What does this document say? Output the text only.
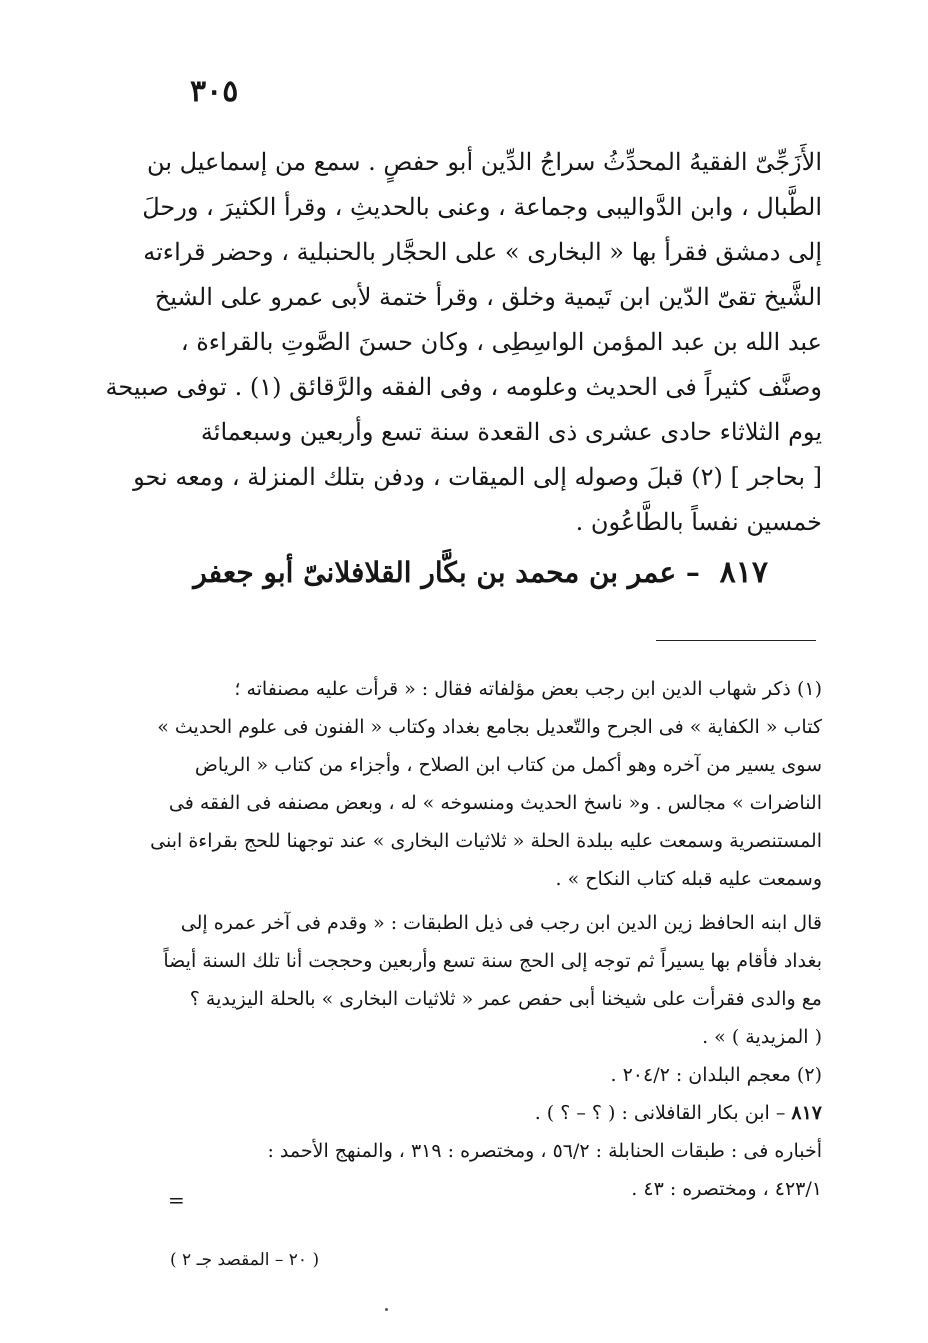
٣٠٥
الأَزَجِّىّ الفقيهُ المحدِّثُ سراجُ الدِّين أبو حفصٍ . سمع من إسماعيل بن
الطَّبال ، وابن الدَّواليبى وجماعة ، وعنى بالحديثِ ، وقرأ الكثيرَ ، ورحلَ
إلى دمشق فقرأ بها « البخارى » على الحجَّار بالحنبلية ، وحضر قراءته
الشَّيخ تقىّ الدّين ابن تَيمية وخلق ، وقرأ ختمة لأبى عمرو على الشيخ
عبد الله بن عبد المؤمن الواسِطِى ، وكان حسنَ الصَّوتِ بالقراءة ،
وصنَّف كثيراً فى الحديث وعلومه ، وفى الفقه والرَّقائق (١) . توفى صبيحة
يوم الثلاثاء حادى عشرى ذى القعدة سنة تسع وأربعين وسبعمائة
[ بحاجر ] (٢) قبلَ وصوله إلى الميقات ، ودفن بتلك المنزلة ، ومعه نحو
خمسين نفساً بالطَّاعُون .
٨١٧ – عمر بن محمد بن بكَّار القلافلانىّ أبو جعفر
(١) ذكر شهاب الدين ابن رجب بعض مؤلفاته فقال : « قرأت عليه مصنفاته ؛
كتاب « الكفاية » فى الجرح والتّعديل بجامع بغداد وكتاب « الفنون فى علوم الحديث »
سوى يسير من آخره وهو أكمل من كتاب ابن الصلاح ، وأجزاء من كتاب « الرياض
الناضرات » مجالس . و« ناسخ الحديث ومنسوخه » له ، وبعض مصنفه فى الفقه فى
المستنصرية وسمعت عليه ببلدة الحلة « ثلاثيات البخارى » عند توجهنا للحج بقراءة ابنى
وسمعت عليه قبله كتاب النكاح » .
قال ابنه الحافظ زين الدين ابن رجب فى ذيل الطبقات : « وقدم فى آخر عمره إلى
بغداد فأقام بها يسيراً ثم توجه إلى الحج سنة تسع وأربعين وحججت أنا تلك السنة أيضاً
مع والدى فقرأت على شيخنا أبى حفص عمر « ثلاثيات البخارى » بالحلة اليزيدية ؟
( المزيدية ) » .
(٢) معجم البلدان : ٢٠٤/٢ .
٨١٧ – ابن بكار القافلانى : ( ؟ – ؟ ) .
أخباره فى : طبقات الحنابلة : ٥٦/٢ ، ومختصره : ٣١٩ ، والمنهج الأحمد :
٤٢٣/١ ، ومختصره : ٤٣ .
=
( ٢٠ – المقصد جـ ٢ )
